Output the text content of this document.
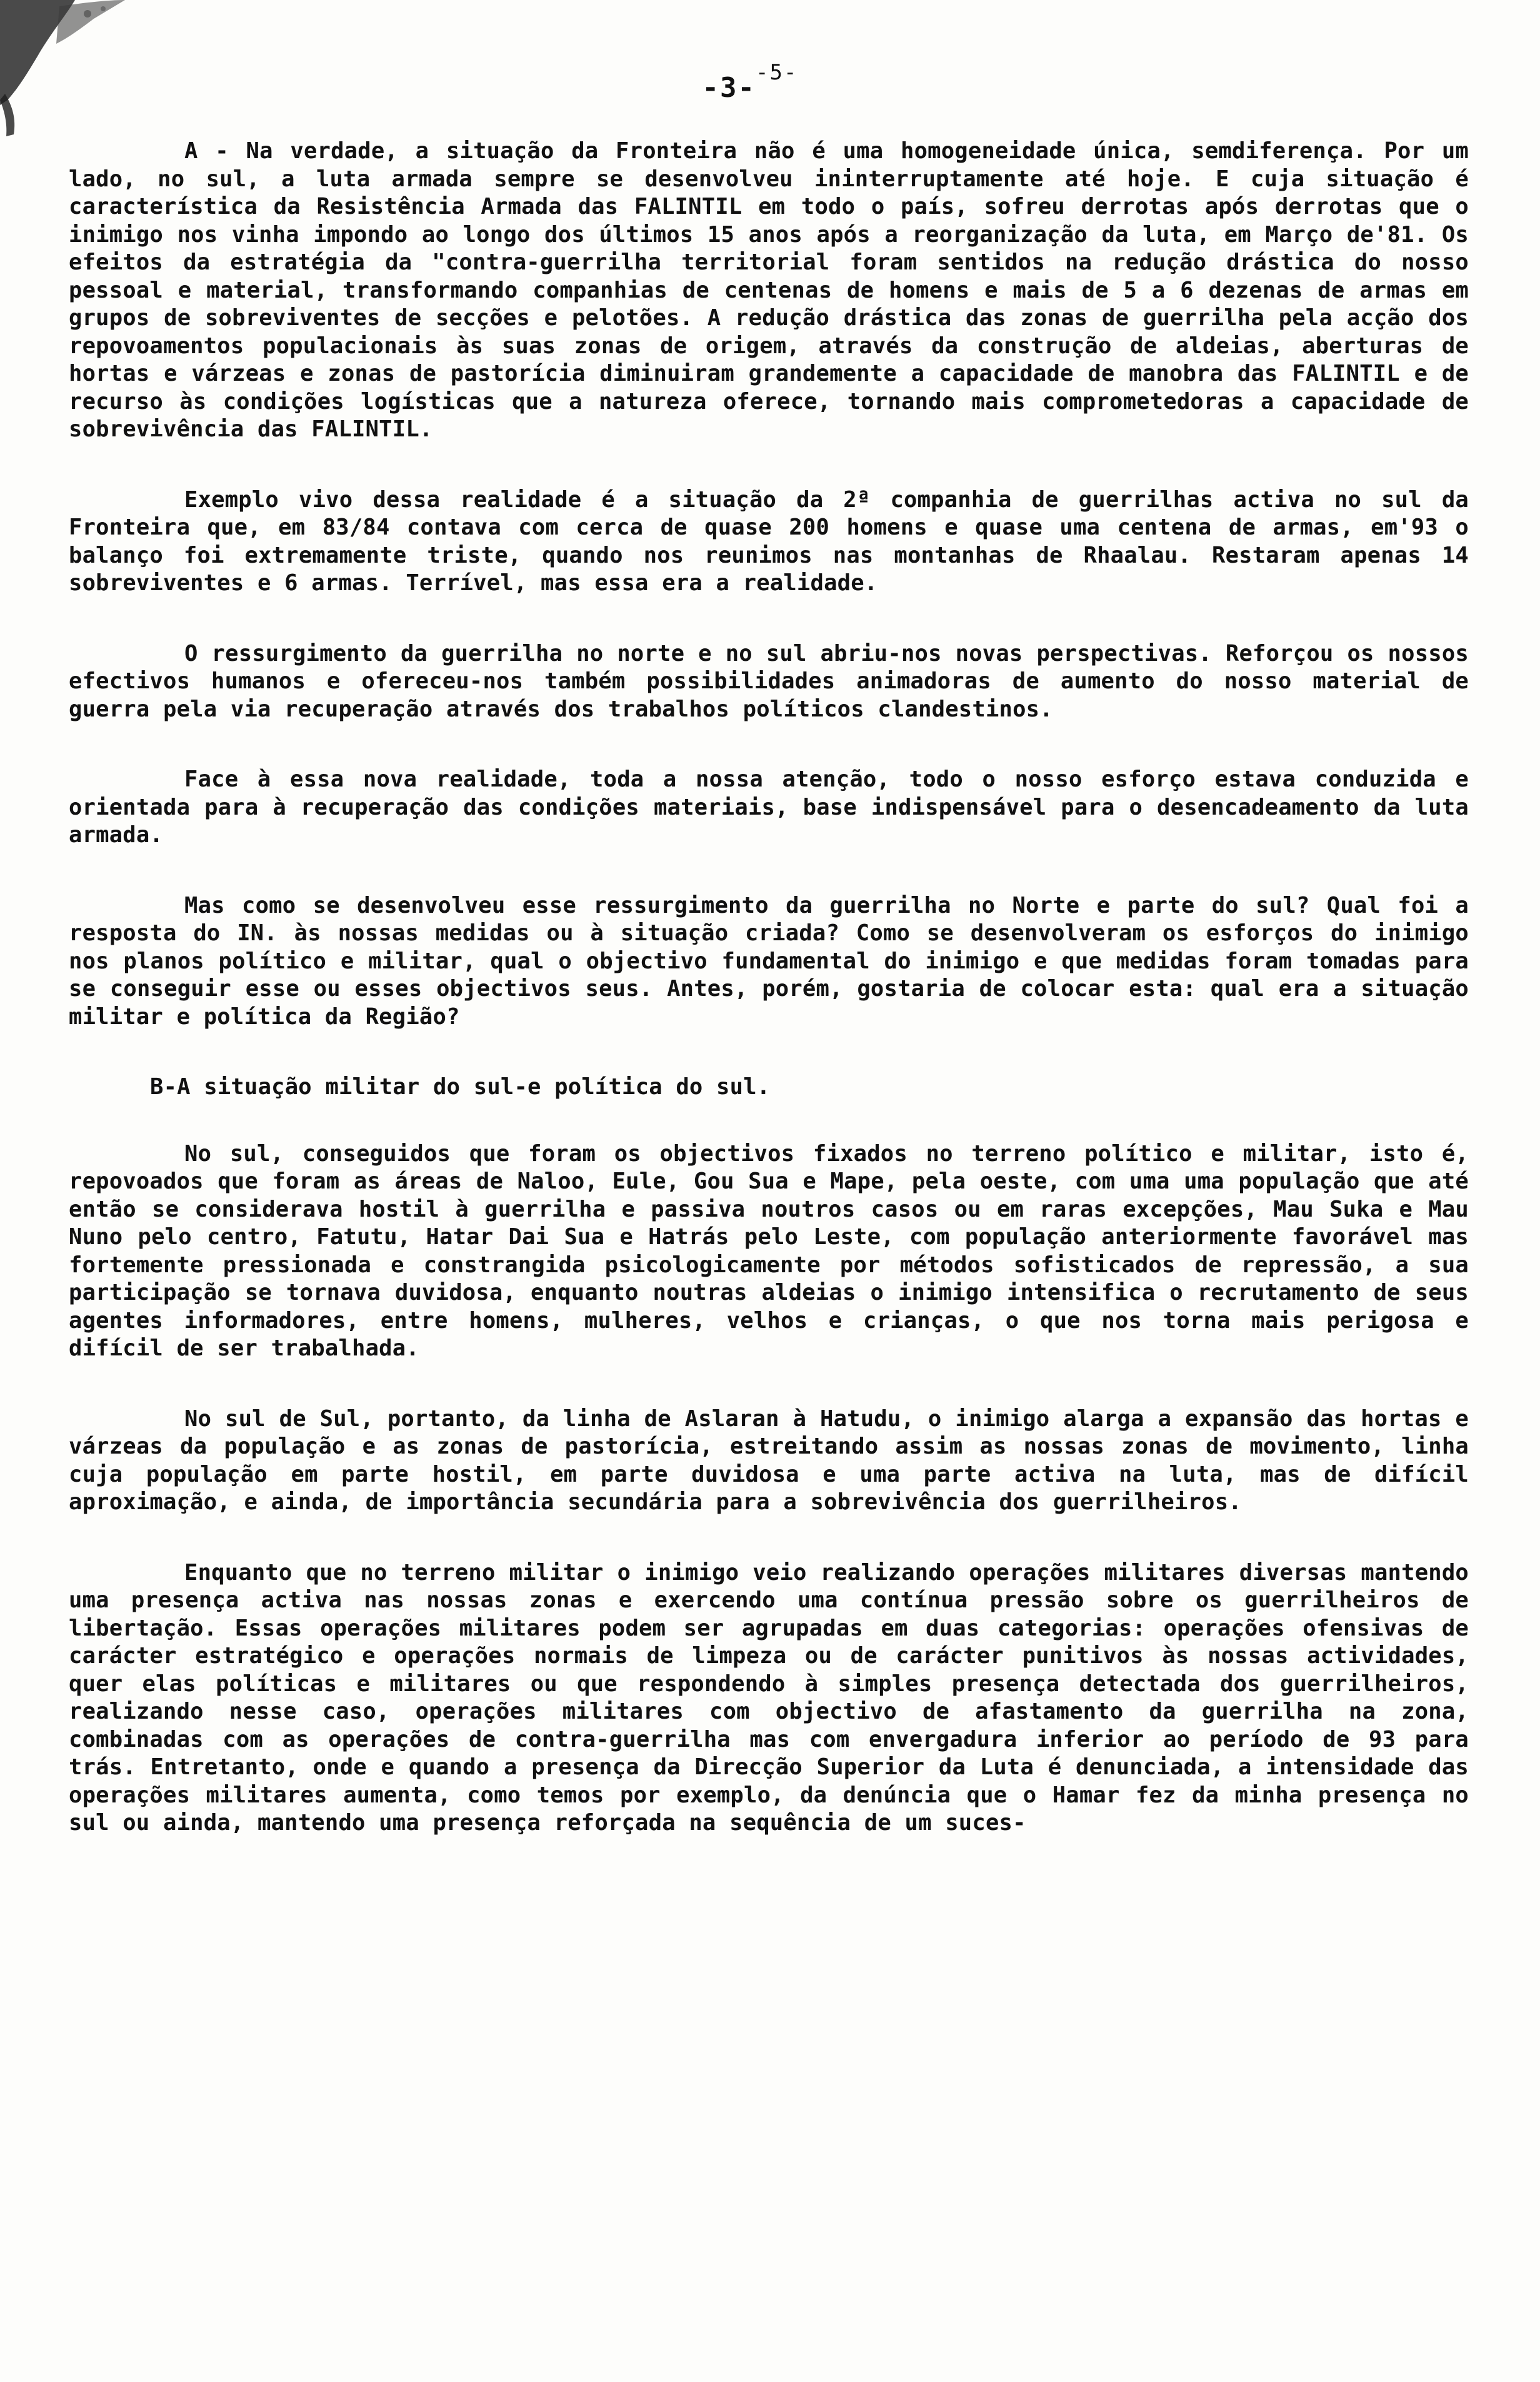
-3-$^{-5-}$

A - Na verdade, a situação da Fronteira não é uma homogeneidade única, semdiferença. Por um lado, no sul, a luta armada sempre se desenvolveu ininterruptamente até hoje. E cuja situação é característica da Resistência Armada das FALINTIL em todo o país, sofreu derrotas após derrotas que o inimigo nos vinha impondo ao longo dos últimos 15 anos após a reorganização da luta, em Março de'81. Os efeitos da estratégia da "contra-guerrilha territorial foram sentidos na redução drástica do nosso pessoal e material, transformando companhias de centenas de homens e mais de 5 a 6 dezenas de armas em grupos de sobreviventes de secções e pelotões. A redução drástica das zonas de guerrilha pela acção dos repovoamentos populacionais às suas zonas de origem, através da construção de aldeias, aberturas de hortas e várzeas e zonas de pastorícia diminuiram grandemente a capacidade de manobra das FALINTIL e de recurso às condições logísticas que a natureza oferece, tornando mais comprometedoras a capacidade de sobrevivência das FALINTIL.

Exemplo vivo dessa realidade é a situação da 2ª companhia de guerrilhas activa no sul da Fronteira que, em 83/84 contava com cerca de quase 200 homens e quase uma centena de armas, em'93 o balanço foi extremamente triste, quando nos reunimos nas montanhas de Rhaalau. Restaram apenas 14 sobreviventes e 6 armas. Terrível, mas essa era a realidade.

O ressurgimento da guerrilha no norte e no sul abriu-nos novas perspectivas. Reforçou os nossos efectivos humanos e ofereceu-nos também possibilidades animadoras de aumento do nosso material de guerra pela via recuperação através dos trabalhos políticos clandestinos.

Face à essa nova realidade, toda a nossa atenção, todo o nosso esforço estava conduzida e orientada para à recuperação das condições materiais, base indispensável para o desencadeamento da luta armada.

Mas como se desenvolveu esse ressurgimento da guerrilha no Norte e parte do sul? Qual foi a resposta do IN. às nossas medidas ou à situação criada? Como se desenvolveram os esforços do inimigo nos planos político e militar, qual o objectivo fundamental do inimigo e que medidas foram tomadas para se conseguir esse ou esses objectivos seus. Antes, porém, gostaria de colocar esta: qual era a situação militar e política da Região?

B-A situação militar do sul-e política do sul.

No sul, conseguidos que foram os objectivos fixados no terreno político e militar, isto é, repovoados que foram as áreas de Naloo, Eule, Gou Sua e Mape, pela oeste, com uma uma população que até então se considerava hostil à guerrilha e passiva noutros casos ou em raras excepções, Mau Suka e Mau Nuno pelo centro, Fatutu, Hatar Dai Sua e Hatrás pelo Leste, com população anteriormente favorável mas fortemente pressionada e constrangida psicologicamente por métodos sofisticados de repressão, a sua participação se tornava duvidosa, enquanto noutras aldeias o inimigo intensifica o recrutamento de seus agentes informadores, entre homens, mulheres, velhos e crianças, o que nos torna mais perigosa e difícil de ser trabalhada.

No sul de Sul, portanto, da linha de Aslaran à Hatudu, o inimigo alarga a expansão das hortas e várzeas da população e as zonas de pastorícia, estreitando assim as nossas zonas de movimento, linha cuja população em parte hostil, em parte duvidosa e uma parte activa na luta, mas de difícil aproximação, e ainda, de importância secundária para a sobrevivência dos guerrilheiros.

Enquanto que no terreno militar o inimigo veio realizando operações militares diversas mantendo uma presença activa nas nossas zonas e exercendo uma contínua pressão sobre os guerrilheiros de libertação. Essas operações militares podem ser agrupadas em duas categorias: operações ofensivas de carácter estratégico e operações normais de limpeza ou de carácter punitivos às nossas actividades, quer elas políticas e militares ou que respondendo à simples presença detectada dos guerrilheiros, realizando nesse caso, operações militares com objectivo de afastamento da guerrilha na zona, combinadas com as operações de contra-guerrilha mas com envergadura inferior ao período de 93 para trás. Entretanto, onde e quando a presença da Direcção Superior da Luta é denunciada, a intensidade das operações militares aumenta, como temos por exemplo, da denúncia que o Hamar fez da minha presença no sul ou ainda, mantendo uma presença reforçada na sequência de um suces-
